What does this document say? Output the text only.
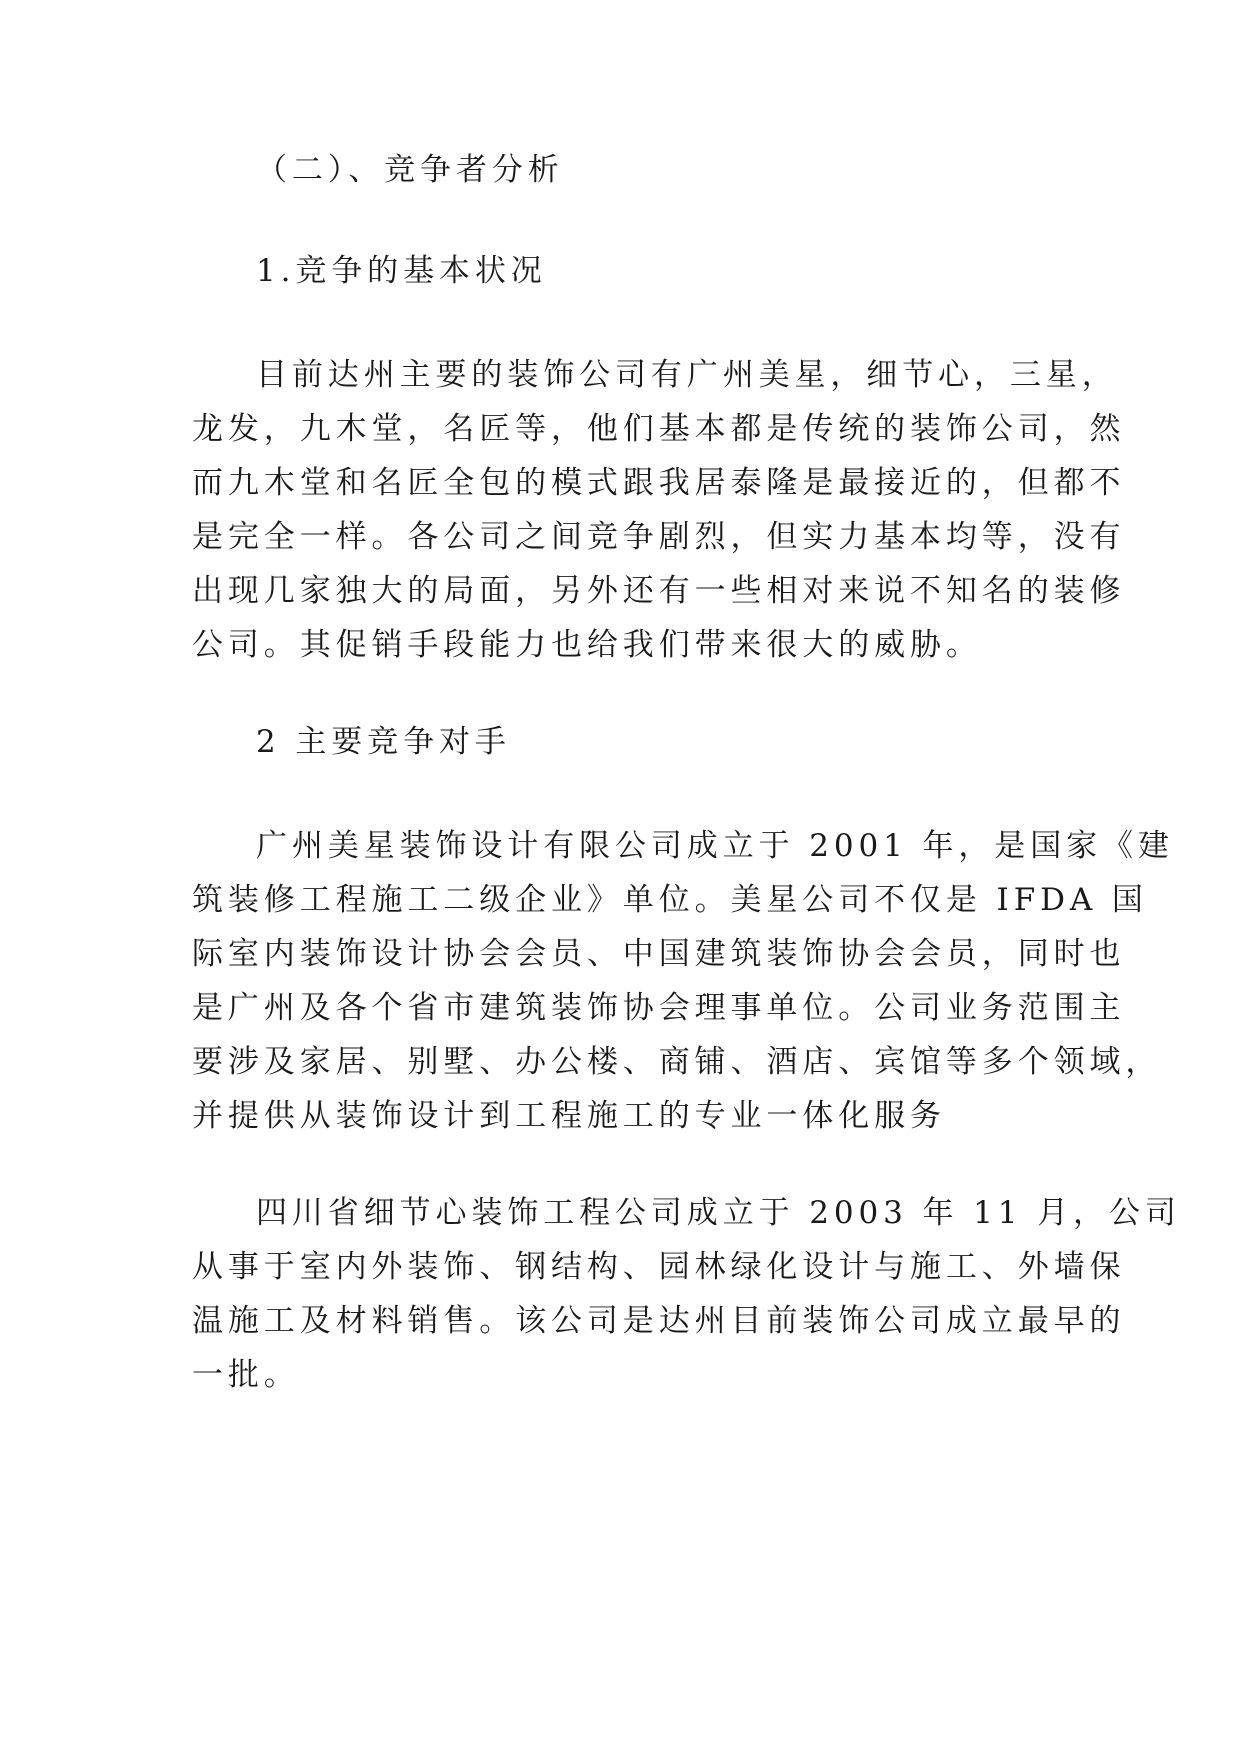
（二）、竞争者分析
1.竞争的基本状况
目前达州主要的装饰公司有广州美星，细节心，三星，
龙发，九木堂，名匠等，他们基本都是传统的装饰公司，然
而九木堂和名匠全包的模式跟我居泰隆是最接近的，但都不
是完全一样。各公司之间竞争剧烈，但实力基本均等，没有
出现几家独大的局面，另外还有一些相对来说不知名的装修
公司。其促销手段能力也给我们带来很大的威胁。
2 主要竞争对手
广州美星装饰设计有限公司成立于 2001 年，是国家《建
筑装修工程施工二级企业》单位。美星公司不仅是 IFDA 国
际室内装饰设计协会会员、中国建筑装饰协会会员，同时也
是广州及各个省市建筑装饰协会理事单位。公司业务范围主
要涉及家居、别墅、办公楼、商铺、酒店、宾馆等多个领域，
并提供从装饰设计到工程施工的专业一体化服务
四川省细节心装饰工程公司成立于 2003 年 11 月，公司
从事于室内外装饰、钢结构、园林绿化设计与施工、外墙保
温施工及材料销售。该公司是达州目前装饰公司成立最早的
一批。
